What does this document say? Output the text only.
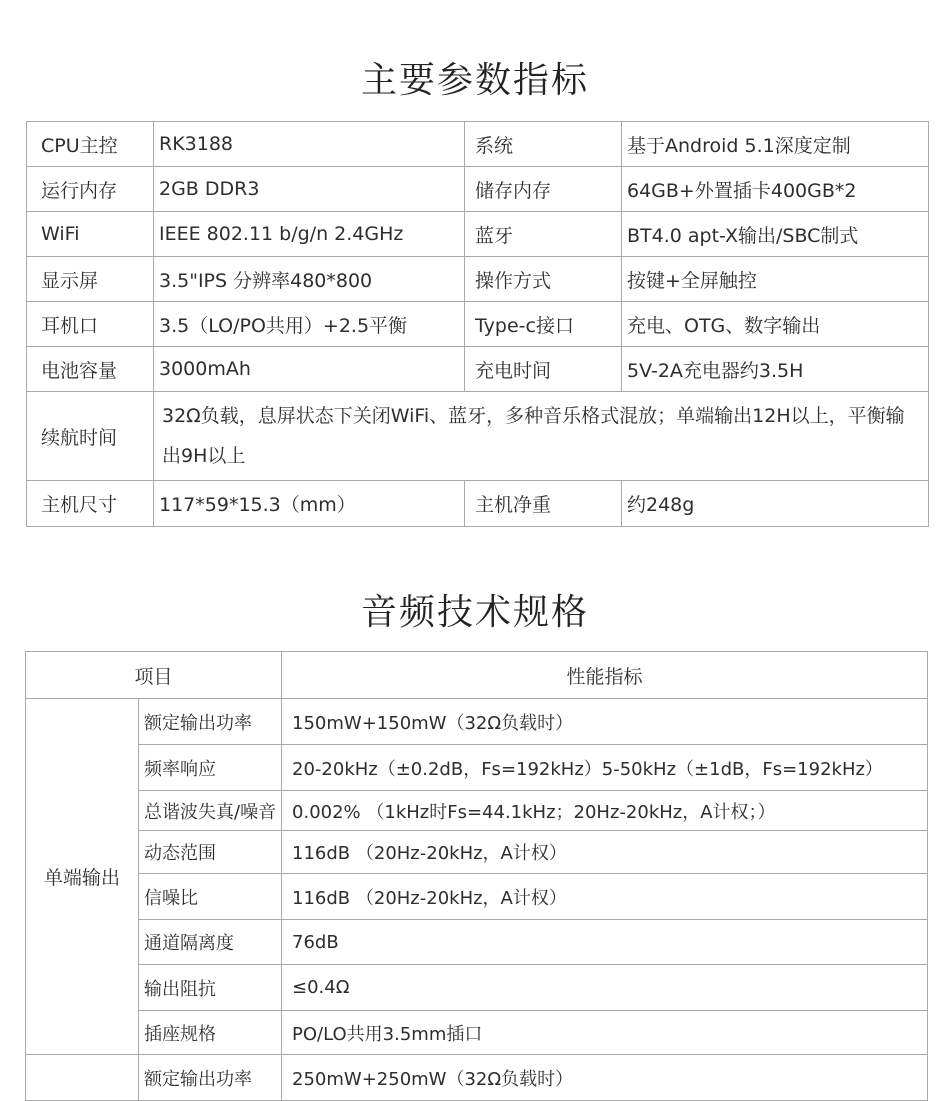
主要参数指标
CPU主控	RK3188	系统	基于Android 5.1深度定制
运行内存	2GB DDR3	储存内存	64GB+外置插卡400GB*2
WiFi	IEEE 802.11 b/g/n 2.4GHz	蓝牙	BT4.0 apt-X输出/SBC制式
显示屏	3.5"IPS 分辨率480*800	操作方式	按键+全屏触控
耳机口	3.5（LO/PO共用）+2.5平衡	Type-c接口	充电、OTG、数字输出
电池容量	3000mAh	充电时间	5V-2A充电器约3.5H
续航时间	32Ω负载，息屏状态下关闭WiFi、蓝牙，多种音乐格式混放；单端输出12H以上，平衡输出9H以上		
主机尺寸	117*59*15.3（mm）	主机净重	约248g
音频技术规格
项目		性能指标
单端输出	额定输出功率	150mW+150mW（32Ω负载时）
	频率响应	20-20kHz（±0.2dB，Fs=192kHz）5-50kHz（±1dB，Fs=192kHz）
	总谐波失真/噪音	0.002% （1kHz时Fs=44.1kHz；20Hz-20kHz，A计权；）
	动态范围	116dB （20Hz-20kHz，A计权）
	信噪比	116dB （20Hz-20kHz，A计权）
	通道隔离度	76dB
	输出阻抗	≤0.4Ω
	插座规格	PO/LO共用3.5mm插口
	额定输出功率	250mW+250mW（32Ω负载时）
